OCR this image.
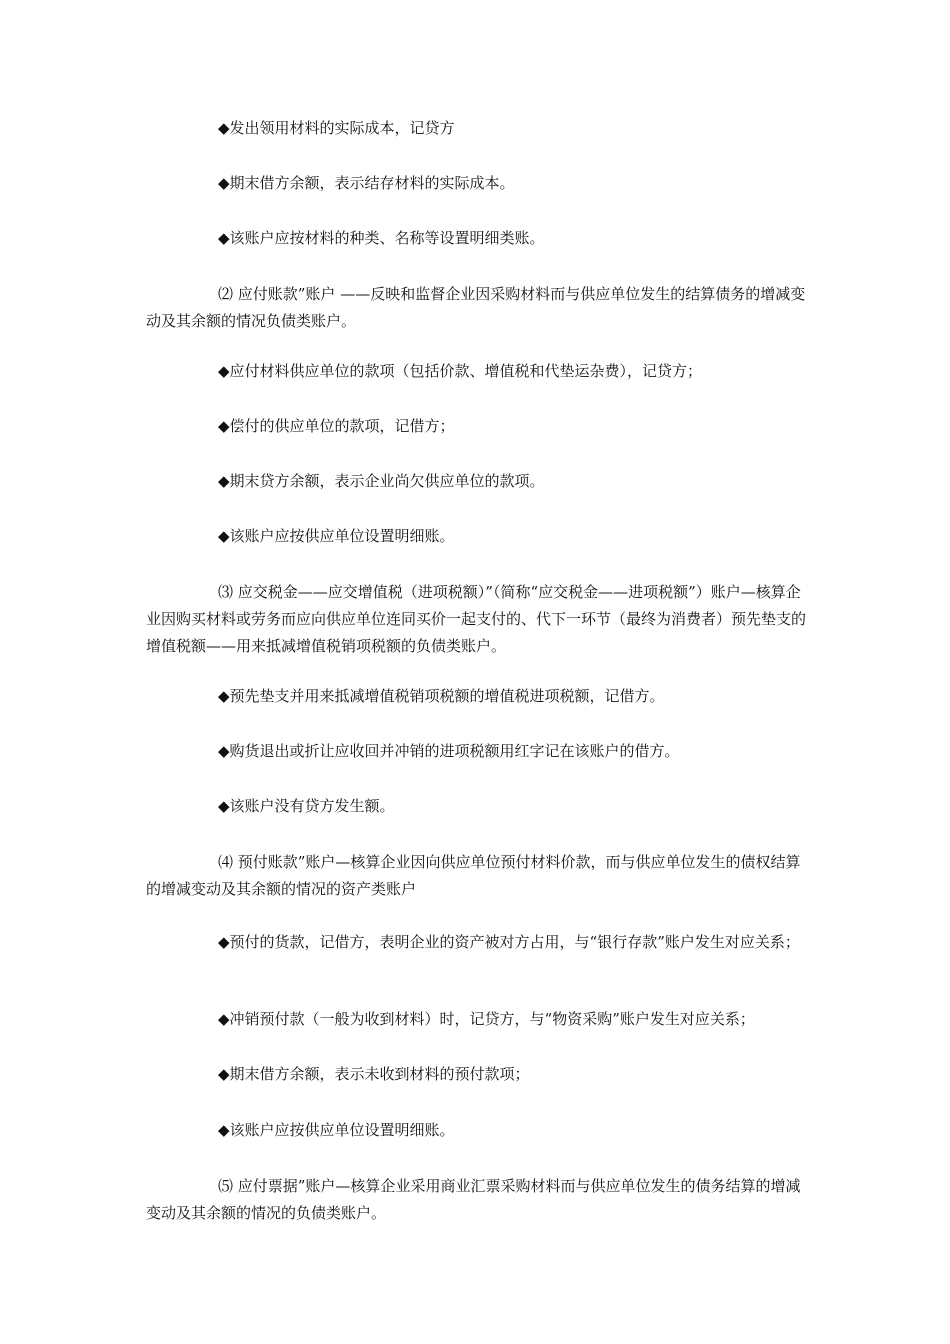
◆发出领用材料的实际成本，记贷方

◆期末借方余额，表示结存材料的实际成本。

◆该账户应按材料的种类、名称等设置明细类账。

⑵ 应付账款”账户 ——反映和监督企业因采购材料而与供应单位发生的结算债务的增减变动及其余额的情况负债类账户。

◆应付材料供应单位的款项（包括价款、增值税和代垫运杂费），记贷方；

◆偿付的供应单位的款项，记借方；

◆期末贷方余额，表示企业尚欠供应单位的款项。

◆该账户应按供应单位设置明细账。

⑶ 应交税金——应交增值税（进项税额）”（简称“应交税金——进项税额”）账户—核算企业因购买材料或劳务而应向供应单位连同买价一起支付的、代下一环节（最终为消费者）预先垫支的增值税额——用来抵减增值税销项税额的负债类账户。

◆预先垫支并用来抵减增值税销项税额的增值税进项税额，记借方。

◆购货退出或折让应收回并冲销的进项税额用红字记在该账户的借方。

◆该账户没有贷方发生额。

⑷ 预付账款”账户—核算企业因向供应单位预付材料价款，而与供应单位发生的债权结算的增减变动及其余额的情况的资产类账户

◆预付的货款，记借方，表明企业的资产被对方占用，与“银行存款”账户发生对应关系；

◆冲销预付款（一般为收到材料）时，记贷方，与“物资采购”账户发生对应关系；

◆期末借方余额，表示未收到材料的预付款项；

◆该账户应按供应单位设置明细账。

⑸ 应付票据”账户—核算企业采用商业汇票采购材料而与供应单位发生的债务结算的增减变动及其余额的情况的负债类账户。
